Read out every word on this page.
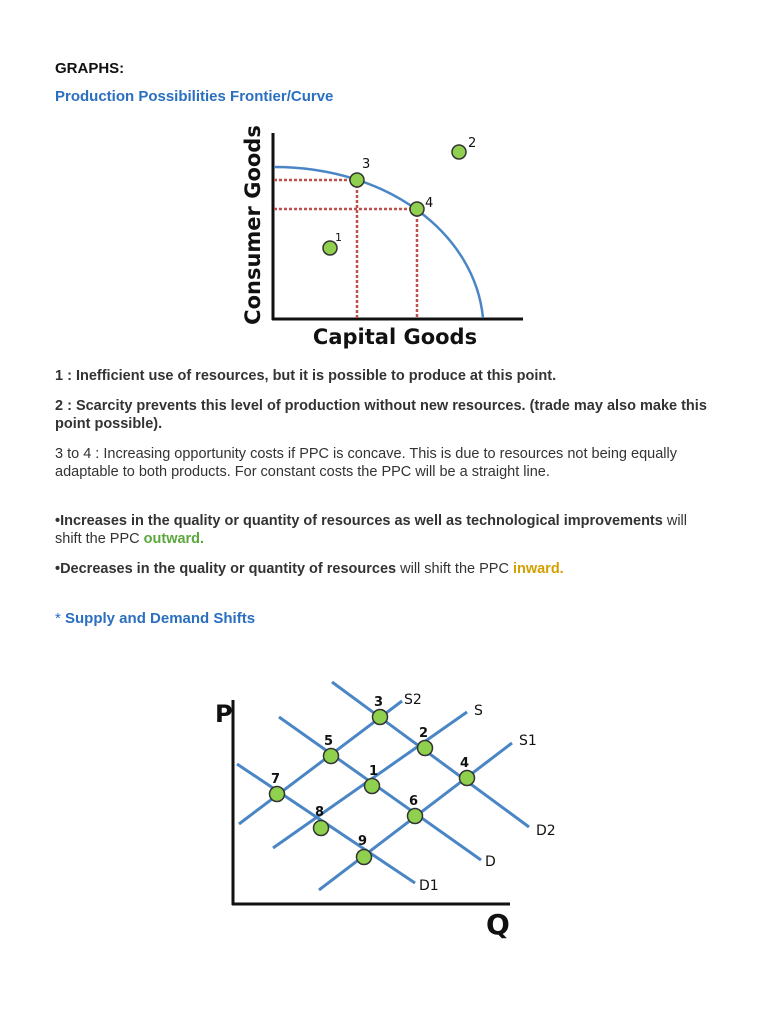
GRAPHS:
Production Possibilities Frontier/Curve
Consumer Goods	3
4
1
2
Capital Goods
1 : Inefficient use of resources, but it is possible to produce at this point.
2 : Scarcity prevents this level of production without new resources. (trade may also make this point possible).
3 to 4 : Increasing opportunity costs if PPC is concave. This is due to resources not being equally adaptable to both products. For constant costs the PPC will be a straight line.
•Increases in the quality or quantity of resources as well as technological improvements will shift the PPC outward.
•Decreases in the quality or quantity of resources will shift the PPC inward.
* Supply and Demand Shifts
P	3
2
5
4
1
7
6
8
9
S2
S
S1
D2
D
D1
Q
